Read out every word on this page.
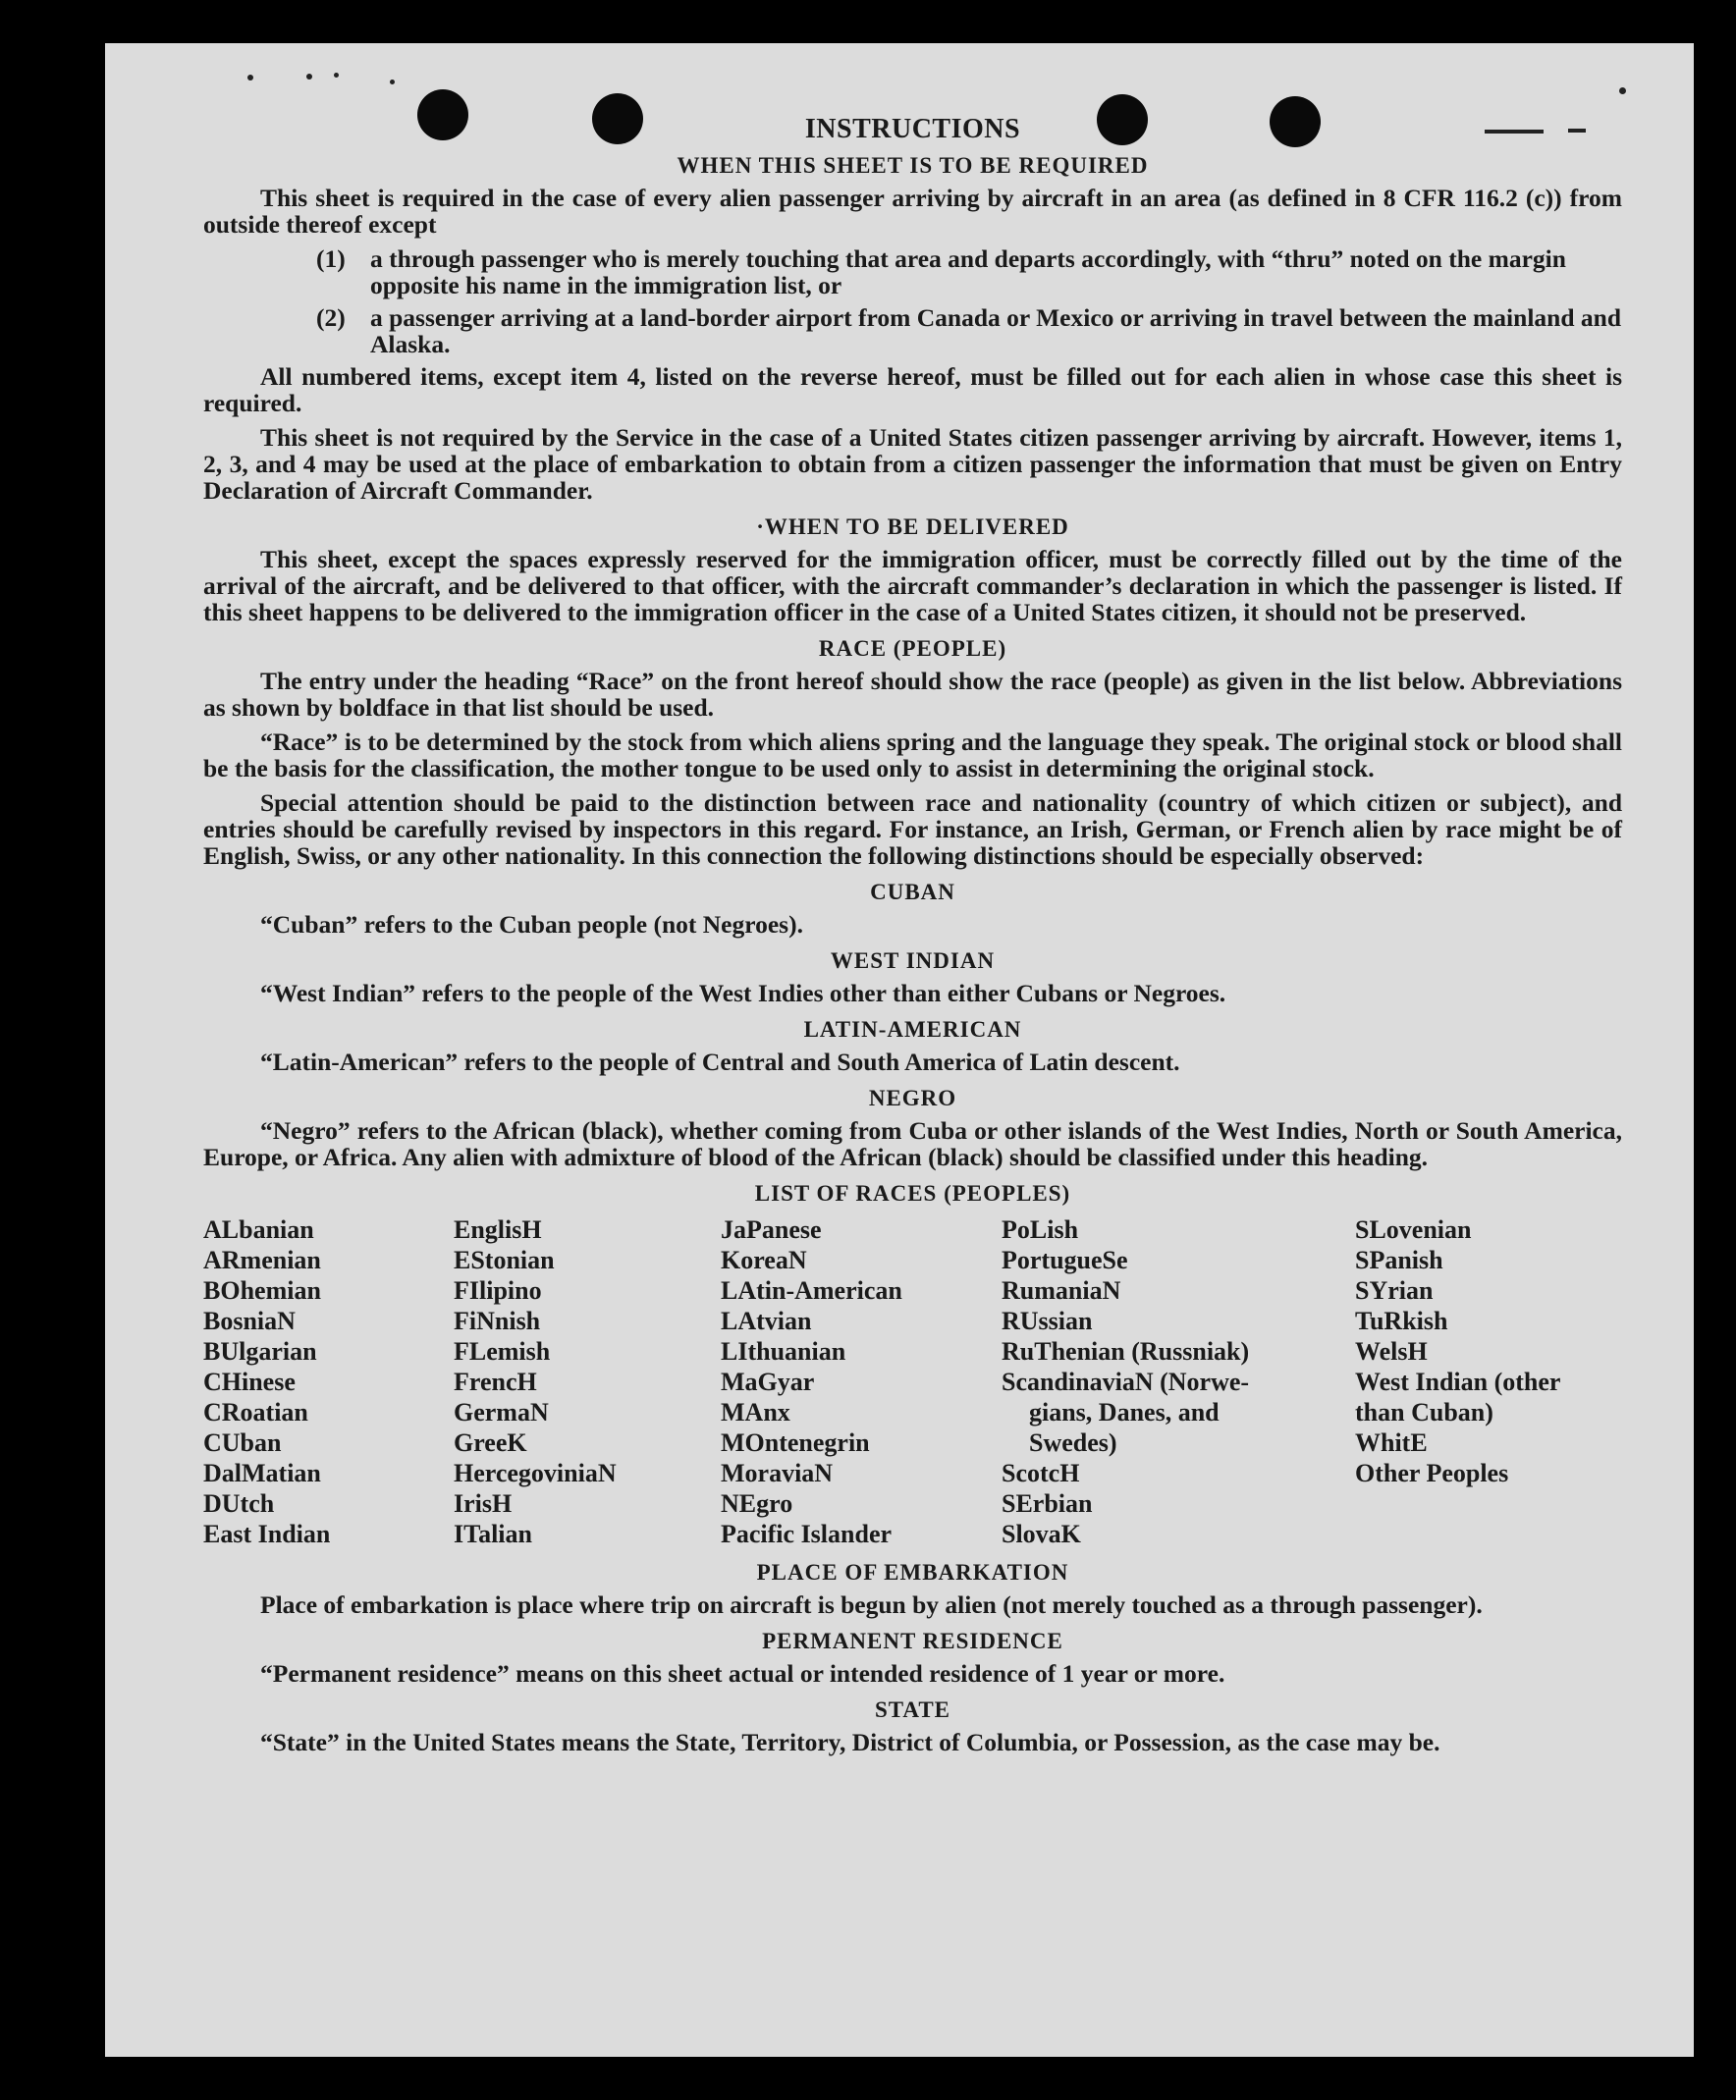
INSTRUCTIONS
WHEN THIS SHEET IS TO BE REQUIRED

This sheet is required in the case of every alien passenger arriving by aircraft in an area (as defined in 8 CFR 116.2 (c)) from outside thereof except

(1) a through passenger who is merely touching that area and departs accordingly, with “thru” noted on the margin opposite his name in the immigration list, or
(2) a passenger arriving at a land-border airport from Canada or Mexico or arriving in travel between the mainland and Alaska.

All numbered items, except item 4, listed on the reverse hereof, must be filled out for each alien in whose case this sheet is required.

This sheet is not required by the Service in the case of a United States citizen passenger arriving by aircraft. However, items 1, 2, 3, and 4 may be used at the place of embarkation to obtain from a citizen passenger the information that must be given on Entry Declaration of Aircraft Commander.

·WHEN TO BE DELIVERED

This sheet, except the spaces expressly reserved for the immigration officer, must be correctly filled out by the time of the arrival of the aircraft, and be delivered to that officer, with the aircraft commander’s declaration in which the passenger is listed. If this sheet happens to be delivered to the immigration officer in the case of a United States citizen, it should not be preserved.

RACE (PEOPLE)

The entry under the heading “Race” on the front hereof should show the race (people) as given in the list below. Abbreviations as shown by boldface in that list should be used.

“Race” is to be determined by the stock from which aliens spring and the language they speak. The original stock or blood shall be the basis for the classification, the mother tongue to be used only to assist in determining the original stock.

Special attention should be paid to the distinction between race and nationality (country of which citizen or subject), and entries should be carefully revised by inspectors in this regard. For instance, an Irish, German, or French alien by race might be of English, Swiss, or any other nationality. In this connection the following distinctions should be especially observed:

CUBAN

“Cuban” refers to the Cuban people (not Negroes).

WEST INDIAN

“West Indian” refers to the people of the West Indies other than either Cubans or Negroes.

LATIN-AMERICAN

“Latin-American” refers to the people of Central and South America of Latin descent.

NEGRO

“Negro” refers to the African (black), whether coming from Cuba or other islands of the West Indies, North or South America, Europe, or Africa. Any alien with admixture of blood of the African (black) should be classified under this heading.

LIST OF RACES (PEOPLES)
ALbanian
ARmenian
BOhemian
BosniaN
BUlgarian
CHinese
CRoatian
CUban
DalMatian
DUtch
East Indian
EnglisH
EStonian
FIlipino
FiNnish
FLemish
FrencH
GermaN
GreeK
HercegoviniaN
IrisH
ITalian
JaPanese
KoreaN
LAtin-American
LAtvian
LIthuanian
MaGyar
MAnx
MOntenegrin
MoraviaN
NEgro
Pacific Islander
PoLish
PortugueSe
RumaniaN
RUssian
RuThenian (Russniak)
ScandinaviaN (Norwe-
gians, Danes, and
Swedes)
ScotcH
SErbian
SlovaK
SLovenian
SPanish
SYrian
TuRkish
WelsH
West Indian (other
than Cuban)
WhitE
Other Peoples
PLACE OF EMBARKATION

Place of embarkation is place where trip on aircraft is begun by alien (not merely touched as a through passenger).

PERMANENT RESIDENCE

“Permanent residence” means on this sheet actual or intended residence of 1 year or more.

STATE

“State” in the United States means the State, Territory, District of Columbia, or Possession, as the case may be.
